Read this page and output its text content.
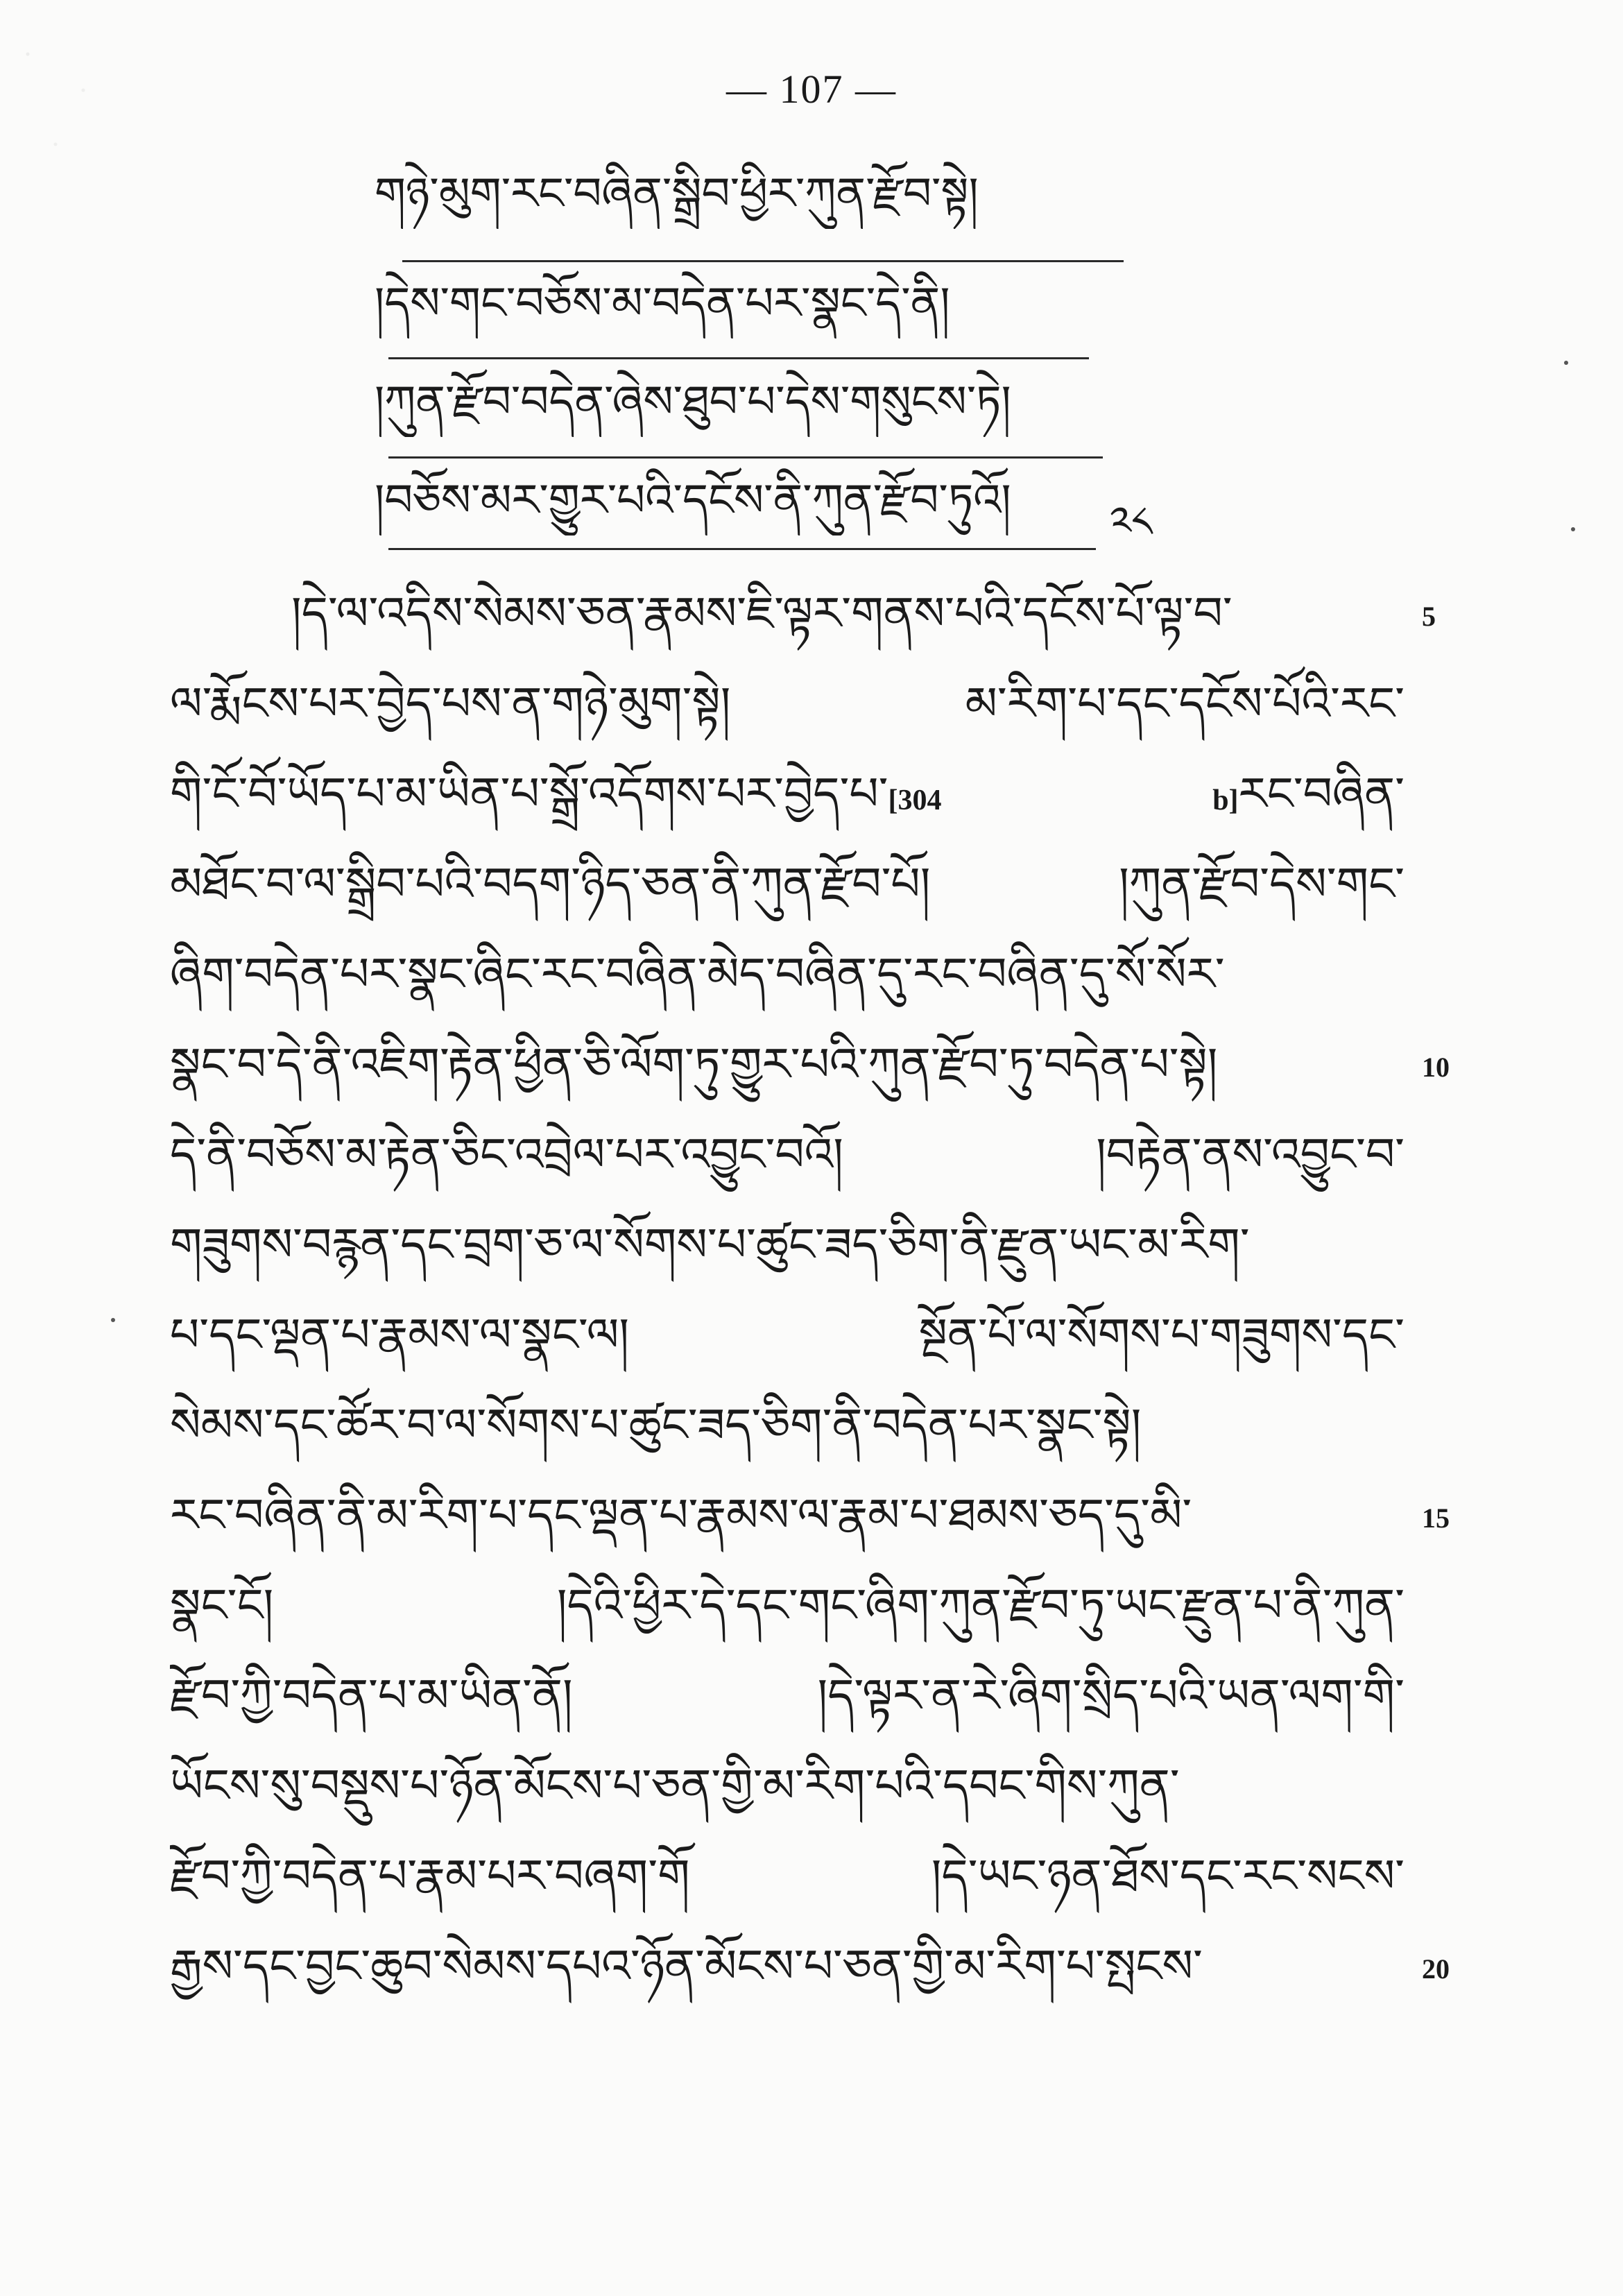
— 107 —
གཉེ་མུག་རང་བཞིན་སྒྲིབ་ཕྱིར་ཀུན་རྫོབ་སྟེ།
།དེས་གང་བཅོས་མ་བདེན་པར་སྣང་དེ་ནི།
།ཀུན་རྫོབ་བདེན་ཞེས་ཐུབ་པ་དེས་གསུངས་ཏེ།
།བཅོས་མར་གྱུར་པའི་དངོས་ནི་ཀུན་རྫོབ་ཏུའོ།	༢༨
།དེ་ལ་འདིས་སེམས་ཅན་རྣམས་ཇི་ལྟར་གནས་པའི་དངོས་པོ་ལྟ་བ་
ལ་རྨོངས་པར་བྱེད་པས་ན་གཉེ་མུག་སྟེ། མ་རིག་པ་དང་དངོས་པོའི་རང་
གི་ངོ་བོ་ཡོད་པ་མ་ཡིན་པ་སྒྲོ་འདོགས་པར་བྱེད་པ་[304 b]རང་བཞིན་
མཐོང་བ་ལ་སྒྲིབ་པའི་བདག་ཉིད་ཅན་ནི་ཀུན་རྫོབ་པོ། །ཀུན་རྫོབ་དེས་གང་
ཞིག་བདེན་པར་སྣང་ཞིང་རང་བཞིན་མེད་བཞིན་དུ་རང་བཞིན་དུ་སོ་སོར་
སྣང་བ་དེ་ནི་འཇིག་རྟེན་ཕྱིན་ཅི་ལོག་ཏུ་གྱུར་པའི་ཀུན་རྫོབ་ཏུ་བདེན་པ་སྟེ།
དེ་ནི་བཅོས་མ་རྟེན་ཅིང་འབྲེལ་པར་འབྱུང་བའོ། །བརྟེན་ནས་འབྱུང་བ་
གཟུགས་བརྙན་དང་བྲག་ཅ་ལ་སོགས་པ་ཚུང་ཟད་ཅིག་ནི་རྫུན་ཡང་མ་རིག་
པ་དང་ལྡན་པ་རྣམས་ལ་སྣང་ལ། སྔོན་པོ་ལ་སོགས་པ་གཟུགས་དང་
སེམས་དང་ཚོར་བ་ལ་སོགས་པ་ཚུང་ཟད་ཅིག་ནི་བདེན་པར་སྣང་སྟེ།
རང་བཞིན་ནི་མ་རིག་པ་དང་ལྡན་པ་རྣམས་ལ་རྣམ་པ་ཐམས་ཅད་དུ་མི་
སྣང་ངོ། །དེའི་ཕྱིར་དེ་དང་གང་ཞིག་ཀུན་རྫོབ་ཏུ་ཡང་རྫུན་པ་ནི་ཀུན་
རྫོབ་ཀྱི་བདེན་པ་མ་ཡིན་ནོ། །དེ་ལྟར་ན་རེ་ཞིག་སྲིད་པའི་ཡན་ལག་གི་
ཡོངས་སུ་བསྡུས་པ་ཉོན་མོངས་པ་ཅན་གྱི་མ་རིག་པའི་དབང་གིས་ཀུན་
རྫོབ་ཀྱི་བདེན་པ་རྣམ་པར་བཞག་གོ །དེ་ཡང་ཉན་ཐོས་དང་རང་སངས་
རྒྱས་དང་བྱང་ཆུབ་སེམས་དཔའ་ཉོན་མོངས་པ་ཅན་གྱི་མ་རིག་པ་སྤངས་
5
10
15
20
